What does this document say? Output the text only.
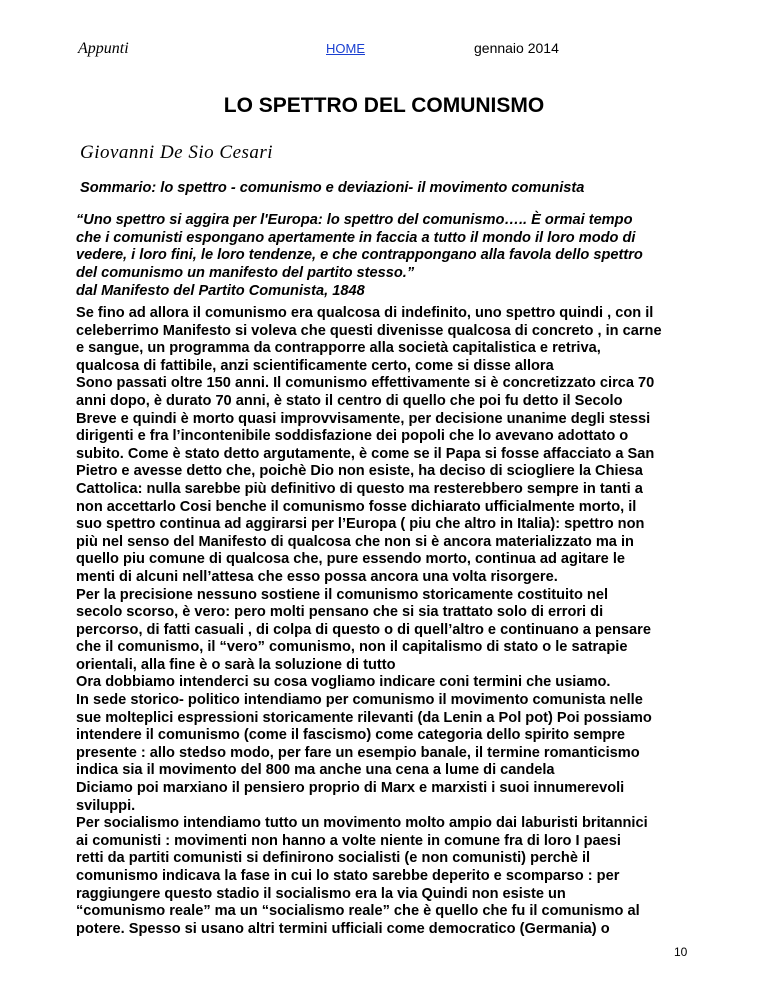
Appunti	HOME	gennaio 2014
LO SPETTRO DEL COMUNISMO
Giovanni De Sio Cesari
Sommario: lo spettro - comunismo e deviazioni- il movimento comunista
“Uno spettro si aggira per l'Europa: lo spettro del comunismo….. È ormai tempo
che i comunisti espongano apertamente in faccia a tutto il mondo il loro modo di
vedere, i loro fini, le loro tendenze, e che contrappongano alla favola dello spettro
del comunismo un manifesto del partito stesso.”
dal Manifesto del Partito Comunista, 1848
Se fino ad allora il comunismo era qualcosa di indefinito, uno spettro quindi , con il
celeberrimo Manifesto si voleva che questi divenisse qualcosa di concreto , in carne
e sangue, un programma da contrapporre alla società capitalistica e retriva,
qualcosa di fattibile, anzi scientificamente certo, come si disse allora
Sono passati oltre 150 anni. Il comunismo effettivamente si è concretizzato circa 70
anni dopo, è durato 70 anni, è stato il centro di quello che poi fu detto il Secolo
Breve e quindi è morto quasi improvvisamente, per decisione unanime degli stessi
dirigenti e fra l’incontenibile soddisfazione dei popoli che lo avevano adottato o
subito. Come è stato detto argutamente, è come se il Papa si fosse affacciato a San
Pietro e avesse detto che, poichè Dio non esiste, ha deciso di sciogliere la Chiesa
Cattolica: nulla sarebbe più definitivo di questo ma resterebbero sempre in tanti a
non accettarlo Cosi benche il comunismo fosse dichiarato ufficialmente morto, il
suo spettro continua ad aggirarsi per l’Europa ( piu che altro in Italia): spettro non
più nel senso del Manifesto di qualcosa che non si è ancora materializzato ma in
quello piu comune di qualcosa che, pure essendo morto, continua ad agitare le
menti di alcuni nell’attesa che esso possa ancora una volta risorgere.
Per la precisione nessuno sostiene il comunismo storicamente costituito nel
secolo scorso, è vero: pero molti pensano che si sia trattato solo di errori di
percorso, di fatti casuali , di colpa di questo o di quell’altro e continuano a pensare
che il comunismo, il “vero” comunismo, non il capitalismo di stato o le satrapie
orientali, alla fine è o sarà la soluzione di tutto
Ora dobbiamo intenderci su cosa vogliamo indicare coni termini che usiamo.
In sede storico- politico intendiamo per comunismo il movimento comunista nelle
sue molteplici espressioni storicamente rilevanti (da Lenin a Pol pot) Poi possiamo
intendere il comunismo (come il fascismo) come categoria dello spirito sempre
presente : allo stedso modo, per fare un esempio banale, il termine romanticismo
indica sia il movimento del 800 ma anche una cena a lume di candela
Diciamo poi marxiano il pensiero proprio di Marx e marxisti i suoi innumerevoli
sviluppi.
Per socialismo intendiamo tutto un movimento molto ampio dai laburisti britannici
ai comunisti : movimenti non hanno a volte niente in comune fra di loro I paesi
retti da partiti comunisti si definirono socialisti (e non comunisti) perchè il
comunismo indicava la fase in cui lo stato sarebbe deperito e scomparso : per
raggiungere questo stadio il socialismo era la via Quindi non esiste un
“comunismo reale” ma un “socialismo reale” che è quello che fu il comunismo al
potere. Spesso si usano altri termini ufficiali come democratico (Germania) o
10
